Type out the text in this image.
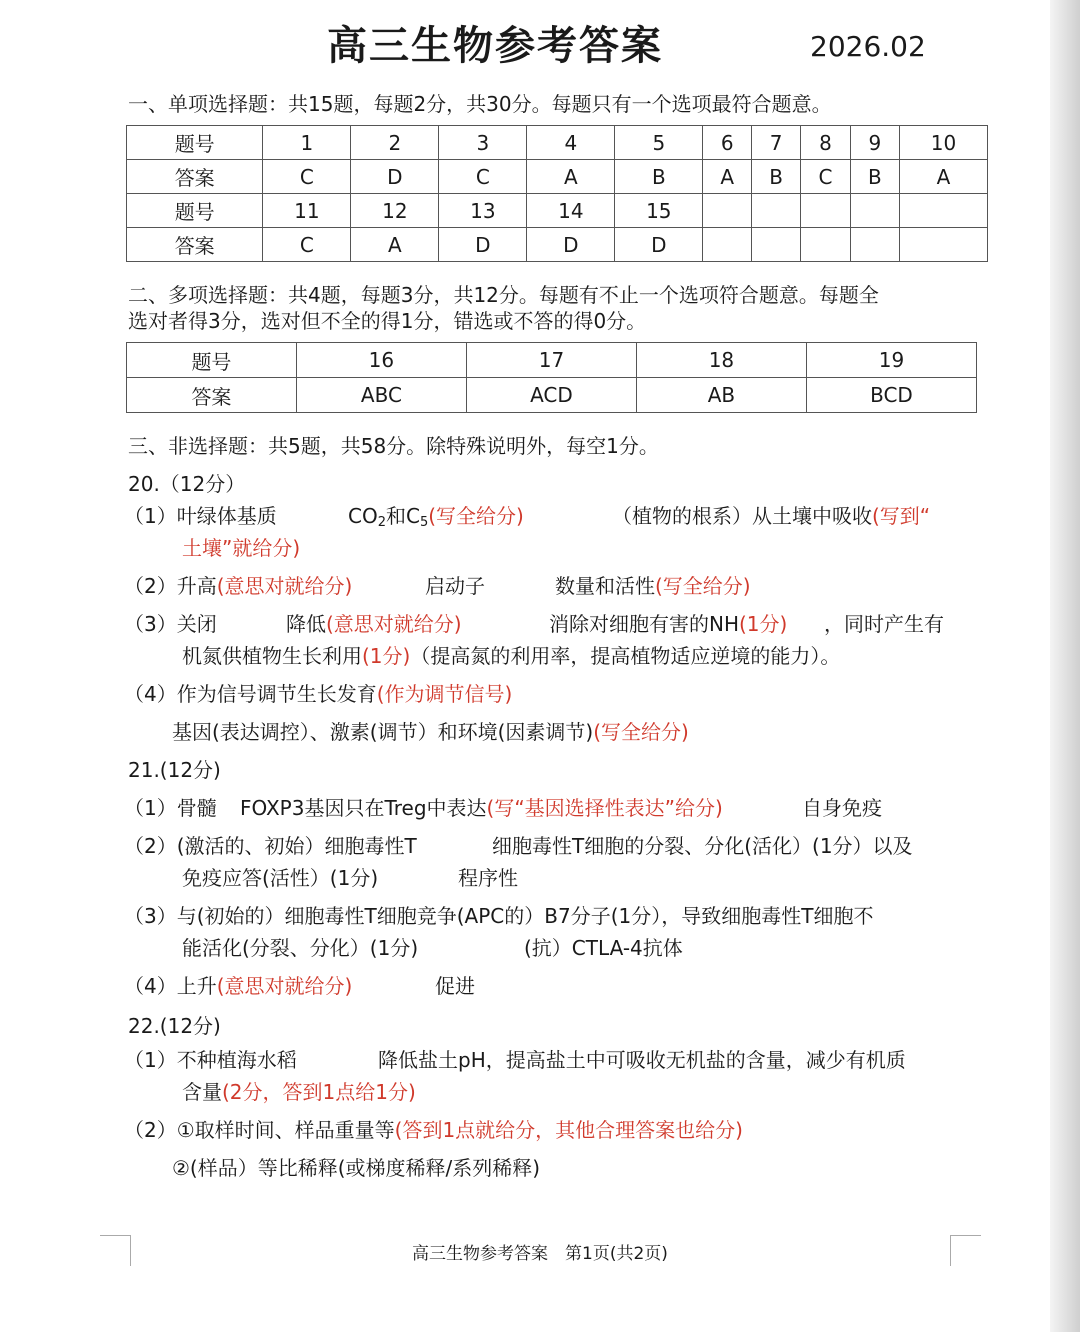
高三生物参考答案	2026.02
一、单项选择题：共15题，每题2分，共30分。每题只有一个选项最符合题意。
题号	1	2	3	4	5	6	7	8	9	10
答案	C	D	C	A	B	A	B	C	B	A
题号	11	12	13	14	15					
答案	C	A	D	D	D					
二、多项选择题：共4题，每题3分，共12分。每题有不止一个选项符合题意。每题全
选对者得3分，选对但不全的得1分，错选或不答的得0分。
题号	16	17	18	19
答案	ABC	ACD	AB	BCD
三、非选择题：共5题，共58分。除特殊说明外，每空1分。
20.（12分）
（1）叶绿体基质	$CO_2$和$C_5$(写全给分)	（植物的根系）从土壤中吸收(写到“
土壤”就给分)
（2）升高(意思对就给分)	启动子	数量和活性(写全给分)
（3）关闭	降低(意思对就给分)	消除对细胞有害的NH(1分) ，同时产生有
机氮供植物生长利用(1分)（提高氮的利用率，提高植物适应逆境的能力）。
（4）作为信号调节生长发育(作为调节信号)
基因(表达调控）、激素(调节）和环境(因素调节)(写全给分)
21.(12分)
（1）骨髓 FOXP3基因只在Treg中表达(写“基因选择性表达”给分)	自身免疫
（2）(激活的、初始）细胞毒性T	细胞毒性T细胞的分裂、分化(活化）(1分）以及
免疫应答(活性）(1分)	程序性
（3）与(初始的）细胞毒性T细胞竞争(APC的）B7分子(1分），导致细胞毒性T细胞不
能活化(分裂、分化）(1分)	(抗）CTLA-4抗体
（4）上升(意思对就给分)	促进
22.(12分)
（1）不种植海水稻	降低盐土pH，提高盐土中可吸收无机盐的含量，减少有机质
含量(2分，答到1点给1分)
（2）①取样时间、样品重量等(答到1点就给分，其他合理答案也给分)
②(样品）等比稀释(或梯度稀释/系列稀释)
高三生物参考答案　第1页(共2页)
